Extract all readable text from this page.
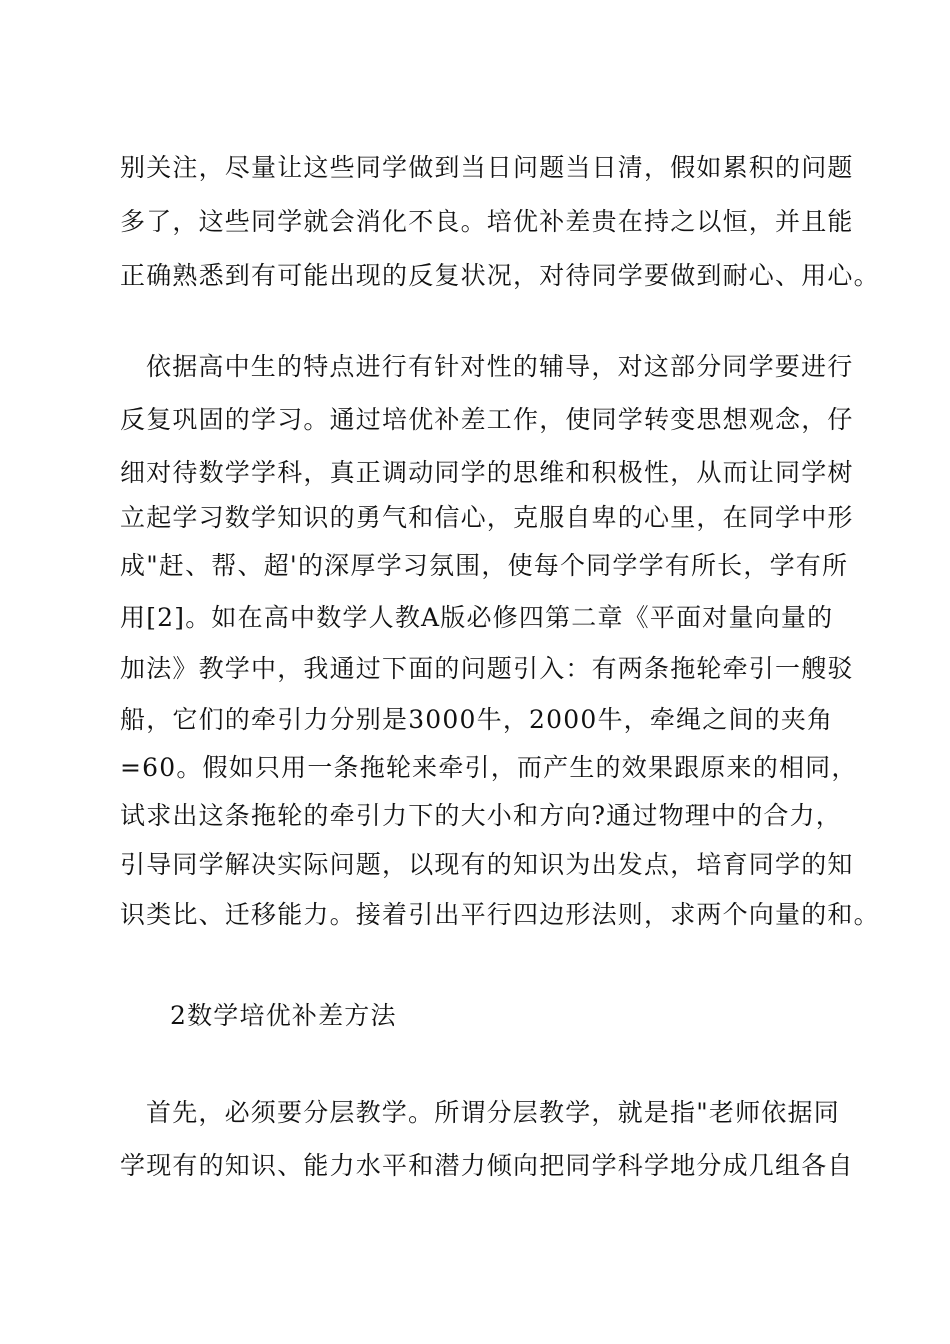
别关注，尽量让这些同学做到当日问题当日清，假如累积的问题
多了，这些同学就会消化不良。培优补差贵在持之以恒，并且能
正确熟悉到有可能出现的反复状况，对待同学要做到耐心、用心。
依据高中生的特点进行有针对性的辅导，对这部分同学要进行
反复巩固的学习。通过培优补差工作，使同学转变思想观念，仔
细对待数学学科，真正调动同学的思维和积极性，从而让同学树
立起学习数学知识的勇气和信心，克服自卑的心里，在同学中形
成"赶、帮、超'的深厚学习氛围，使每个同学学有所长，学有所
用[2]。如在高中数学人教A版必修四第二章《平面对量向量的
加法》教学中，我通过下面的问题引入：有两条拖轮牵引一艘驳
船，它们的牵引力分别是3000牛，2000牛，牵绳之间的夹角
=60。假如只用一条拖轮来牵引，而产生的效果跟原来的相同，
试求出这条拖轮的牵引力下的大小和方向?通过物理中的合力，
引导同学解决实际问题，以现有的知识为出发点，培育同学的知
识类比、迁移能力。接着引出平行四边形法则，求两个向量的和。
2数学培优补差方法
首先，必须要分层教学。所谓分层教学，就是指"老师依据同
学现有的知识、能力水平和潜力倾向把同学科学地分成几组各自
